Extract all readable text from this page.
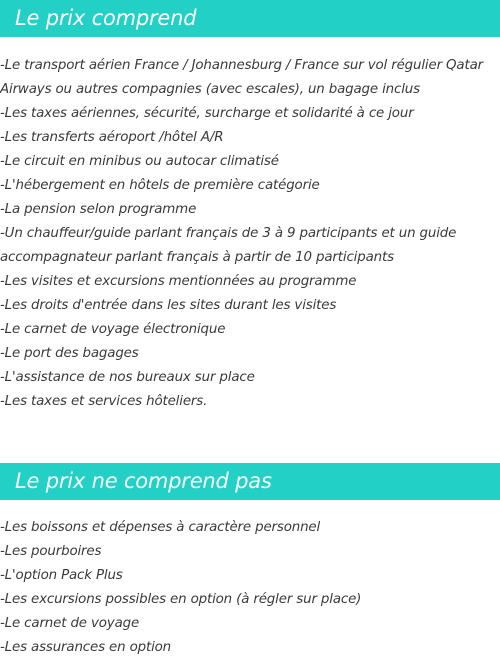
Le prix comprend
-Le transport aérien France / Johannesburg / France sur vol régulier Qatar
Airways ou autres compagnies (avec escales), un bagage inclus
-Les taxes aériennes, sécurité, surcharge et solidarité à ce jour
-Les transferts aéroport /hôtel A/R
-Le circuit en minibus ou autocar climatisé
-L'hébergement en hôtels de première catégorie
-La pension selon programme
-Un chauffeur/guide parlant français de 3 à 9 participants et un guide
accompagnateur parlant français à partir de 10 participants
-Les visites et excursions mentionnées au programme
-Les droits d'entrée dans les sites durant les visites
-Le carnet de voyage électronique
-Le port des bagages
-L'assistance de nos bureaux sur place
-Les taxes et services hôteliers.
Le prix ne comprend pas
-Les boissons et dépenses à caractère personnel
-Les pourboires
-L'option Pack Plus
-Les excursions possibles en option (à régler sur place)
-Le carnet de voyage
-Les assurances en option
